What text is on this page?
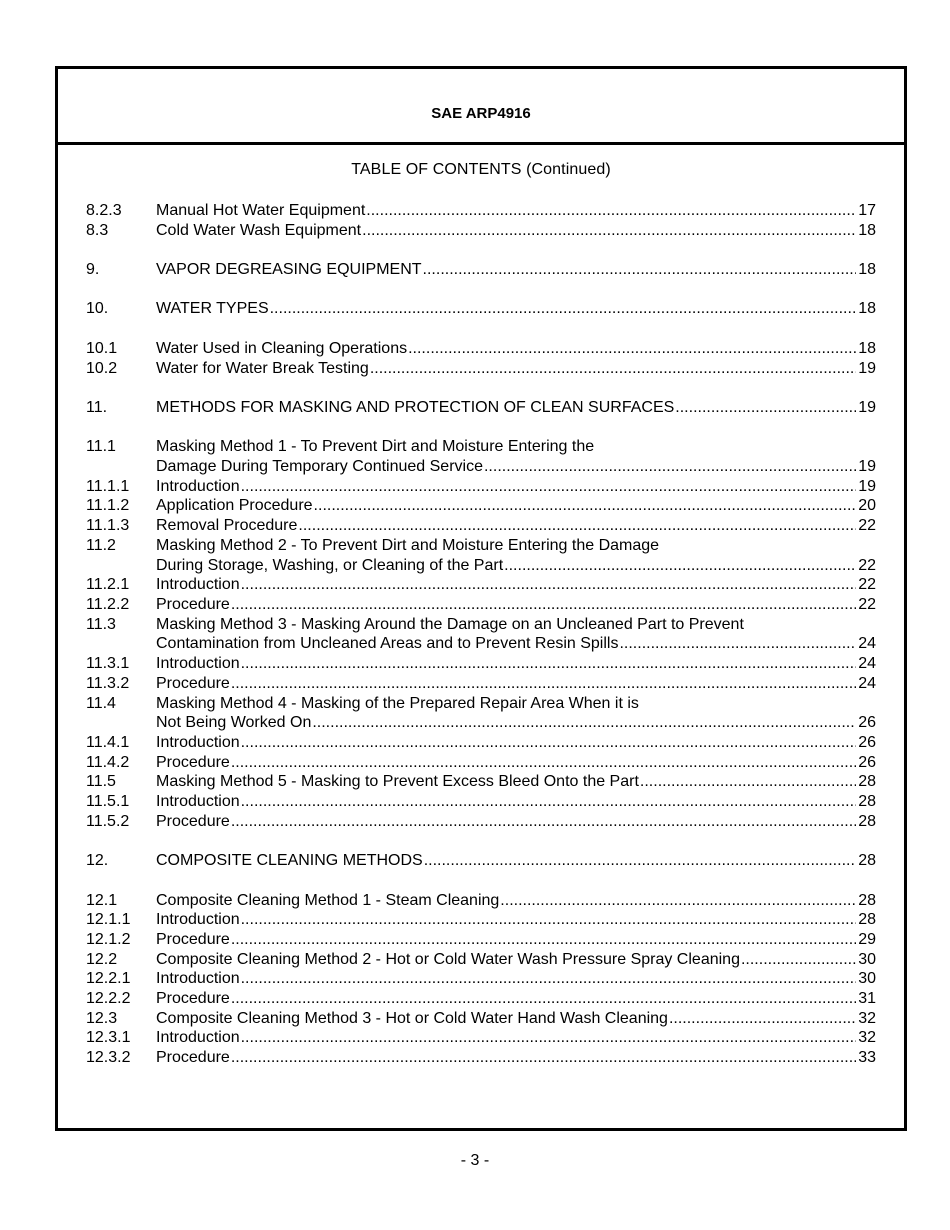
SAE ARP4916
TABLE OF CONTENTS (Continued)
8.2.3	Manual Hot Water Equipment .....	17
8.3	Cold Water Wash Equipment .....	18
9.	VAPOR DEGREASING EQUIPMENT .....	18
10.	WATER TYPES .....	18
10.1	Water Used in Cleaning Operations .....	18
10.2	Water for Water Break Testing .....	19
11.	METHODS FOR MASKING AND PROTECTION OF CLEAN SURFACES .....	19
11.1	Masking Method 1 - To Prevent Dirt and Moisture Entering the
Damage During Temporary Continued Service .....	19
11.1.1	Introduction .....	19
11.1.2	Application Procedure .....	20
11.1.3	Removal Procedure .....	22
11.2	Masking Method 2 - To Prevent Dirt and Moisture Entering the Damage
During Storage, Washing, or Cleaning of the Part .....	22
11.2.1	Introduction .....	22
11.2.2	Procedure .....	22
11.3	Masking Method 3 - Masking Around the Damage on an Uncleaned Part to Prevent
Contamination from Uncleaned Areas and to Prevent Resin Spills .....	24
11.3.1	Introduction .....	24
11.3.2	Procedure .....	24
11.4	Masking Method 4 - Masking of the Prepared Repair Area When it is
Not Being Worked On .....	26
11.4.1	Introduction .....	26
11.4.2	Procedure .....	26
11.5	Masking Method 5 - Masking to Prevent Excess Bleed Onto the Part .....	28
11.5.1	Introduction .....	28
11.5.2	Procedure .....	28
12.	COMPOSITE CLEANING METHODS .....	28
12.1	Composite Cleaning Method 1 - Steam Cleaning .....	28
12.1.1	Introduction .....	28
12.1.2	Procedure .....	29
12.2	Composite Cleaning Method 2 - Hot or Cold Water Wash Pressure Spray Cleaning .....	30
12.2.1	Introduction .....	30
12.2.2	Procedure .....	31
12.3	Composite Cleaning Method 3 - Hot or Cold Water Hand Wash Cleaning .....	32
12.3.1	Introduction .....	32
12.3.2	Procedure .....	33
- 3 -
